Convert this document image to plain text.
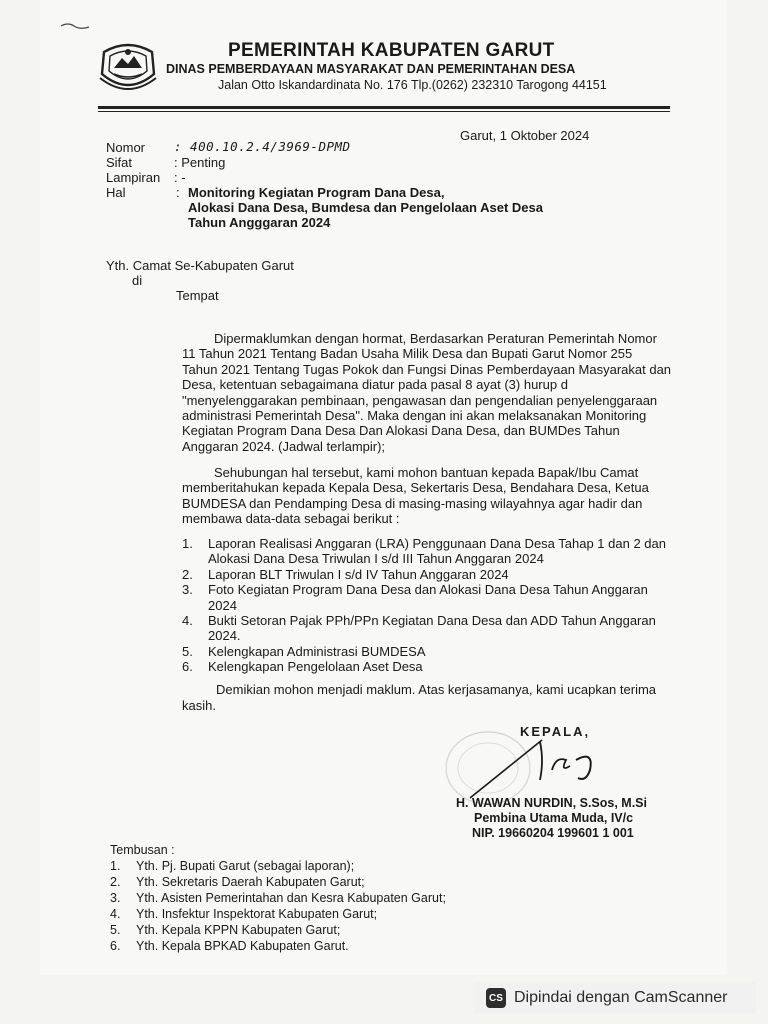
PEMERINTAH KABUPATEN GARUT
DINAS PEMBERDAYAAN MASYARAKAT DAN PEMERINTAHAN DESA
Jalan Otto Iskandardinata No. 176 Tlp.(0262) 232310 Tarogong 44151
Garut, 1 Oktober 2024
Nomor : 400.10.2.4/3969-DPMD
Sifat	: Penting
Lampiran : -
Hal	: Monitoring Kegiatan Program Dana Desa,
Alokasi Dana Desa, Bumdesa dan Pengelolaan Aset Desa
Tahun Angggaran 2024
Yth. Camat Se-Kabupaten Garut
di
Tempat
Dipermaklumkan dengan hormat, Berdasarkan Peraturan Pemerintah Nomor
11 Tahun 2021 Tentang Badan Usaha Milik Desa dan Bupati Garut Nomor 255
Tahun 2021 Tentang Tugas Pokok dan Fungsi Dinas Pemberdayaan Masyarakat dan
Desa, ketentuan sebagaimana diatur pada pasal 8 ayat (3) hurup d
"menyelenggarakan pembinaan, pengawasan dan pengendalian penyelenggaraan
administrasi Pemerintah Desa". Maka dengan ini akan melaksanakan Monitoring
Kegiatan Program Dana Desa Dan Alokasi Dana Desa, dan BUMDes Tahun
Anggaran 2024. (Jadwal terlampir);
Sehubungan hal tersebut, kami mohon bantuan kepada Bapak/Ibu Camat
memberitahukan kepada Kepala Desa, Sekertaris Desa, Bendahara Desa, Ketua
BUMDESA dan Pendamping Desa di masing-masing wilayahnya agar hadir dan
membawa data-data sebagai berikut :
1. Laporan Realisasi Anggaran (LRA) Penggunaan Dana Desa Tahap 1 dan 2 dan
Alokasi Dana Desa Triwulan I s/d III Tahun Anggaran 2024
2. Laporan BLT Triwulan I s/d IV Tahun Anggaran 2024
3. Foto Kegiatan Program Dana Desa dan Alokasi Dana Desa Tahun Anggaran
2024
4. Bukti Setoran Pajak PPh/PPn Kegiatan Dana Desa dan ADD Tahun Anggaran
2024.
5. Kelengkapan Administrasi BUMDESA
6. Kelengkapan Pengelolaan Aset Desa
Demikian mohon menjadi maklum. Atas kerjasamanya, kami ucapkan terima
kasih.
KEPALA,
H. WAWAN NURDIN, S.Sos, M.Si
Pembina Utama Muda, IV/c
NIP. 19660204 199601 1 001
Tembusan :
1. Yth. Pj. Bupati Garut (sebagai laporan);
2. Yth. Sekretaris Daerah Kabupaten Garut;
3. Yth. Asisten Pemerintahan dan Kesra Kabupaten Garut;
4. Yth. Insfektur Inspektorat Kabupaten Garut;
5. Yth. Kepala KPPN Kabupaten Garut;
6. Yth. Kepala BPKAD Kabupaten Garut.
CS Dipindai dengan CamScanner
